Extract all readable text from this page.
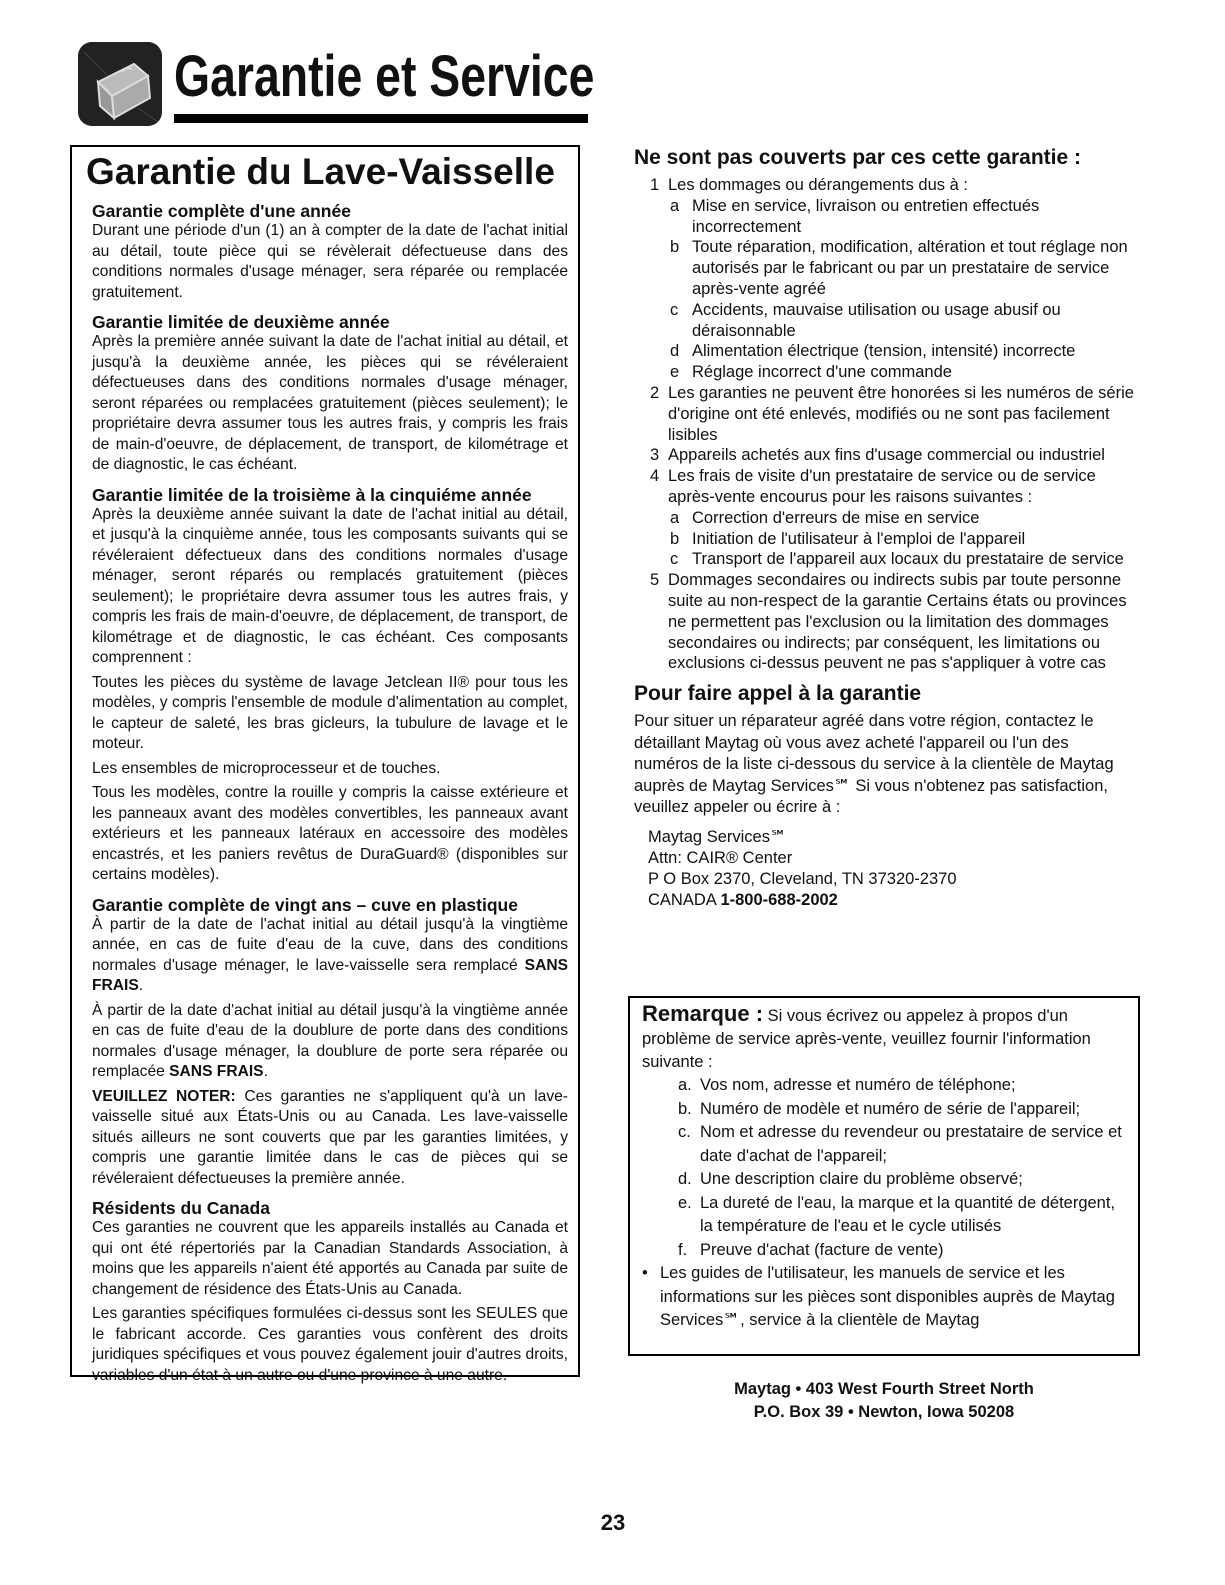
Garantie et Service
Garantie du Lave-Vaisselle

Garantie complète d'une année

Durant une période d'un (1) an à compter de la date de l'achat initial au détail, toute pièce qui se révèlerait défectueuse dans des conditions normales d'usage ménager, sera réparée ou remplacée gratuitement.

Garantie limitée de deuxième année

Après la première année suivant la date de l'achat initial au détail, et jusqu'à la deuxième année, les pièces qui se révéleraient défectueuses dans des conditions normales d'usage ménager, seront réparées ou remplacées gratuitement (pièces seulement); le propriétaire devra assumer tous les autres frais, y compris les frais de main-d'oeuvre, de déplacement, de transport, de kilométrage et de diagnostic, le cas échéant.

Garantie limitée de la troisième à la cinquiéme année

Après la deuxième année suivant la date de l'achat initial au détail, et jusqu'à la cinquième année, tous les composants suivants qui se révéleraient défectueux dans des conditions normales d'usage ménager, seront réparés ou remplacés gratuitement (pièces seulement); le propriétaire devra assumer tous les autres frais, y compris les frais de main-d'oeuvre, de déplacement, de transport, de kilométrage et de diagnostic, le cas échéant. Ces composants comprennent :

Toutes les pièces du système de lavage Jetclean II® pour tous les modèles, y compris l'ensemble de module d'alimentation au complet, le capteur de saleté, les bras gicleurs, la tubulure de lavage et le moteur.

Les ensembles de microprocesseur et de touches.

Tous les modèles, contre la rouille y compris la caisse extérieure et les panneaux avant des modèles convertibles, les panneaux avant extérieurs et les panneaux latéraux en accessoire des modèles encastrés, et les paniers revêtus de DuraGuard® (disponibles sur certains modèles).

Garantie complète de vingt ans – cuve en plastique

À partir de la date de l'achat initial au détail jusqu'à la vingtième année, en cas de fuite d'eau de la cuve, dans des conditions normales d'usage ménager, le lave-vaisselle sera remplacé SANS FRAIS.

À partir de la date d'achat initial au détail jusqu'à la vingtième année en cas de fuite d'eau de la doublure de porte dans des conditions normales d'usage ménager, la doublure de porte sera réparée ou remplacée SANS FRAIS.

VEUILLEZ NOTER: Ces garanties ne s'appliquent qu'à un lave-vaisselle situé aux États-Unis ou au Canada. Les lave-vaisselle situés ailleurs ne sont couverts que par les garanties limitées, y compris une garantie limitée dans le cas de pièces qui se révéleraient défectueuses la première année.

Résidents du Canada

Ces garanties ne couvrent que les appareils installés au Canada et qui ont été répertoriés par la Canadian Standards Association, à moins que les appareils n'aient été apportés au Canada par suite de changement de résidence des États-Unis au Canada.

Les garanties spécifiques formulées ci-dessus sont les SEULES que le fabricant accorde. Ces garanties vous confèrent des droits juridiques spécifiques et vous pouvez également jouir d'autres droits, variables d'un état à un autre ou d'une province à une autre.

Ne sont pas couverts par ces cette garantie :

1 Les dommages ou dérangements dus à :
a Mise en service, livraison ou entretien effectués incorrectement
b Toute réparation, modification, altération et tout réglage non autorisés par le fabricant ou par un prestataire de service après-vente agréé
c Accidents, mauvaise utilisation ou usage abusif ou déraisonnable
d Alimentation électrique (tension, intensité) incorrecte
e Réglage incorrect d'une commande
2 Les garanties ne peuvent être honorées si les numéros de série d'origine ont été enlevés, modifiés ou ne sont pas facilement lisibles
3 Appareils achetés aux fins d'usage commercial ou industriel
4 Les frais de visite d'un prestataire de service ou de service après-vente encourus pour les raisons suivantes :
a Correction d'erreurs de mise en service
b Initiation de l'utilisateur à l'emploi de l'appareil
c Transport de l'appareil aux locaux du prestataire de service
5 Dommages secondaires ou indirects subis par toute personne suite au non-respect de la garantie Certains états ou provinces ne permettent pas l'exclusion ou la limitation des dommages secondaires ou indirects; par conséquent, les limitations ou exclusions ci-dessus peuvent ne pas s'appliquer à votre cas

Pour faire appel à la garantie

Pour situer un réparateur agréé dans votre région, contactez le détaillant Maytag où vous avez acheté l'appareil ou l'un des numéros de la liste ci-dessous du service à la clientèle de Maytag auprès de Maytag Services℠ Si vous n'obtenez pas satisfaction, veuillez appeler ou écrire à :

Maytag Services℠
Attn: CAIR® Center
P O Box 2370, Cleveland, TN 37320-2370
CANADA 1-800-688-2002

Remarque : Si vous écrivez ou appelez à propos d'un problème de service après-vente, veuillez fournir l'information suivante :

a. Vos nom, adresse et numéro de téléphone;
b. Numéro de modèle et numéro de série de l'appareil;
c. Nom et adresse du revendeur ou prestataire de service et date d'achat de l'appareil;
d. Une description claire du problème observé;
e. La dureté de l'eau, la marque et la quantité de détergent, la température de l'eau et le cycle utilisés
f. Preuve d'achat (facture de vente)
• Les guides de l'utilisateur, les manuels de service et les informations sur les pièces sont disponibles auprès de Maytag Services℠, service à la clientèle de Maytag
Maytag • 403 West Fourth Street North
P.O. Box 39 • Newton, Iowa 50208
23
